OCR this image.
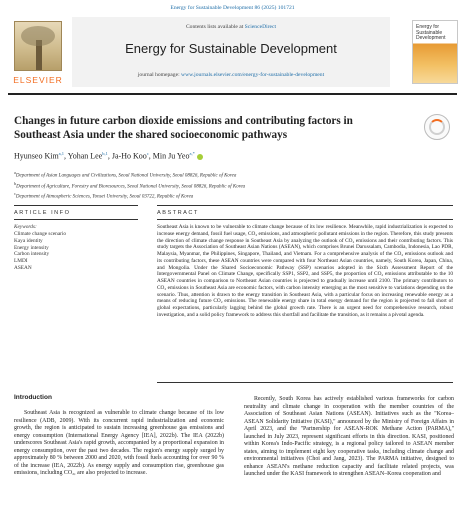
Energy for Sustainable Development 86 (2025) 101721
ELSEVIER
Contents lists available at ScienceDirect
Energy for Sustainable Development
journal homepage: www.journals.elsevier.com/energy-for-sustainable-development
Energy for Sustainable Development
Changes in future carbon dioxide emissions and contributing factors in Southeast Asia under the shared socioeconomic pathways
Hyunseo Kim$^{a,1}$, Yohan Lee$^{b,1}$, Ja-Ho Koo$^c$, Min Ju Yeo$^{a,*}$
$^a$Department of Asian Languages and Civilizations, Seoul National University, Seoul 08826, Republic of Korea
$^b$Department of Agriculture, Forestry and Bioresources, Seoul National University, Seoul 08826, Republic of Korea
$^c$Department of Atmospheric Sciences, Yonsei University, Seoul 03722, Republic of Korea
ARTICLE INFO	ABSTRACT
Keywords:
Climate change scenario
Kaya identity
Energy intensity
Carbon intensity
LMDI
ASEAN

Southeast Asia is known to be vulnerable to climate change because of its low resilience. Meanwhile, rapid industrialization is expected to increase energy demand, fossil fuel usage, CO₂ emissions, and atmospheric pollutant emissions in the region. Therefore, this study presents the direction of climate change response in Southeast Asia by analyzing the outlook of CO₂ emissions and their contributing factors. This study targets the Association of Southeast Asian Nations (ASEAN), which comprises Brunei Darussalam, Cambodia, Indonesia, Lao PDR, Malaysia, Myanmar, the Philippines, Singapore, Thailand, and Vietnam. For a comprehensive analysis of the CO₂ emissions outlook and its contributing factors, these ASEAN countries were compared with four Northeast Asian countries, namely, South Korea, Japan, China, and Mongolia. Under the Shared Socioeconomic Pathway (SSP) scenarios adopted in the Sixth Assessment Report of the Intergovernmental Panel on Climate Change, specifically SSP1, SSP2, and SSP5, the proportion of CO₂ emissions attributable to the 10 ASEAN countries in comparison to Northeast Asian countries is projected to gradually increase until 2100. The primary contributors to CO₂ emissions in Southeast Asia are economic factors, with carbon intensity emerging as the most sensitive to variations depending on the scenario. Thus, attention is drawn to the energy transition in Southeast Asia, with a particular focus on increasing renewable energy as a means of reducing future CO₂ emissions. The renewable energy share in total energy demand for the region is projected to fall short of global expectations, particularly lagging behind the global growth rate. There is an urgent need for comprehensive research, robust investigation, and a solid policy framework to address this shortfall and facilitate the transition, as it remains a pivotal agenda.

Introduction

Southeast Asia is recognized as vulnerable to climate change because of its low resilience (ADB, 2009). With its concurrent rapid industrialization and economic growth, the region is anticipated to sustain increasing greenhouse gas emissions and energy consumption (International Energy Agency [IEA], 2022b). The IEA (2022b) underscores Southeast Asia's rapid growth, accompanied by a proportional expansion in energy consumption, over the past two decades. The region's energy supply surged by approximately 80 % between 2000 and 2020, with fossil fuels accounting for over 90 % of the increase (IEA, 2022b). As energy supply and consumption rise, greenhouse gas emissions, including CO₂, are also projected to increase.

Recently, South Korea has actively established various frameworks for carbon neutrality and climate change in cooperation with the member countries of the Association of Southeast Asian Nations (ASEAN). Initiatives such as the "Korea–ASEAN Solidarity Initiative (KASI)," announced by the Ministry of Foreign Affairs in April 2023, and the "Partnership for ASEAN-ROK Methane Action (PARMA)," launched in July 2023, represent significant efforts in this direction. KASI, positioned within Korea's Indo-Pacific strategy, is a regional policy tailored to ASEAN member states, aiming to implement eight key cooperative tasks, including climate change and environmental initiatives (Choi and Jang, 2023). The PARMA initiative, designed to enhance ASEAN's methane reduction capacity and facilitate related projects, was launched under the KASI framework to strengthen ASEAN–Korea cooperation and
